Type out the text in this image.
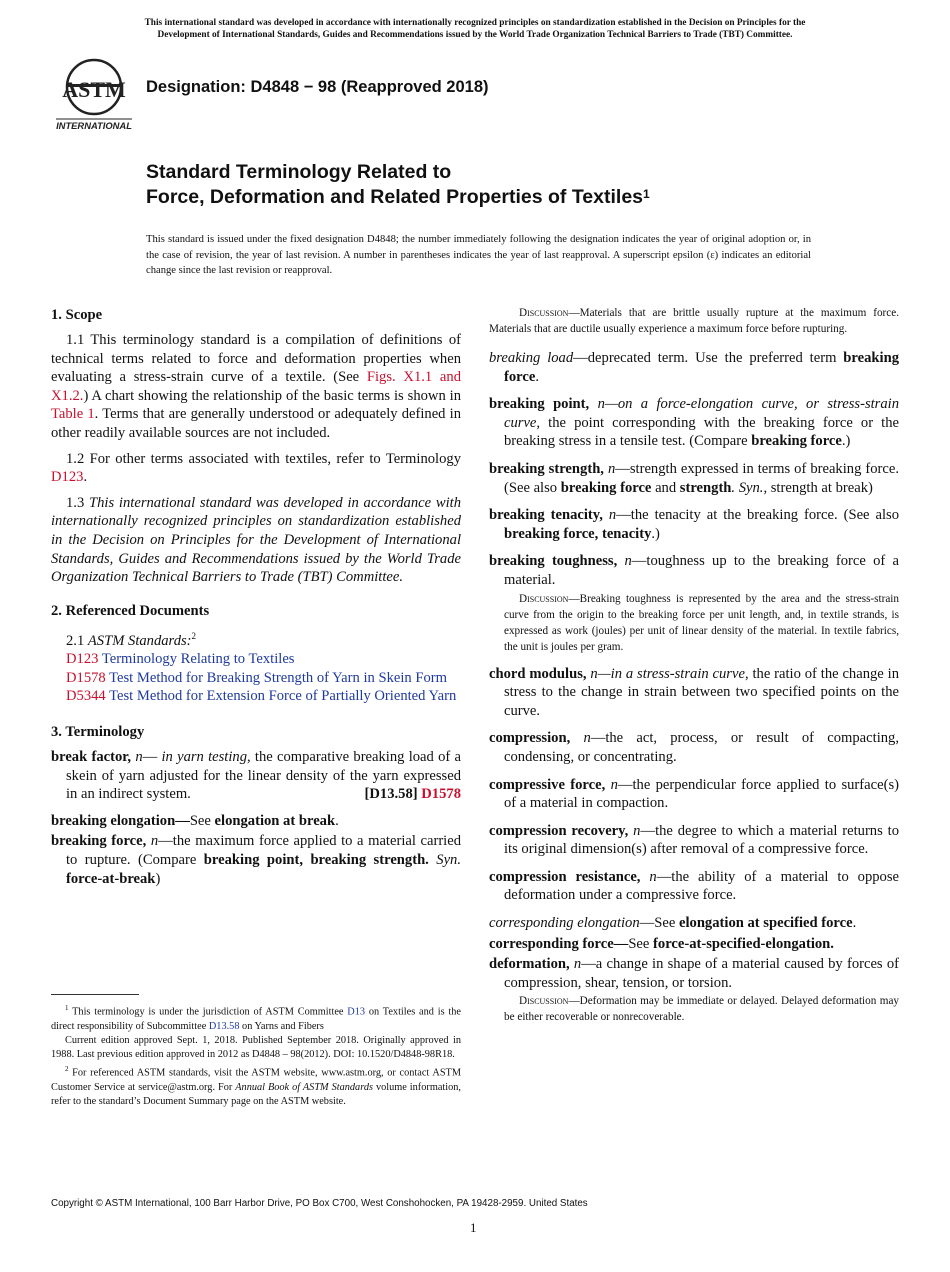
This international standard was developed in accordance with internationally recognized principles on standardization established in the Decision on Principles for the
Development of International Standards, Guides and Recommendations issued by the World Trade Organization Technical Barriers to Trade (TBT) Committee.
ASTM
INTERNATIONAL
Designation: D4848 − 98 (Reapproved 2018)
Standard Terminology Related to
Force, Deformation and Related Properties of Textiles$^1$
This standard is issued under the fixed designation D4848; the number immediately following the designation indicates the year of original adoption or, in the case of revision, the year of last revision. A number in parentheses indicates the year of last reapproval. A superscript epsilon (ε) indicates an editorial change since the last revision or reapproval.
1. Scope

1.1 This terminology standard is a compilation of definitions of technical terms related to force and deformation properties when evaluating a stress-strain curve of a textile. (See Figs. X1.1 and X1.2.) A chart showing the relationship of the basic terms is shown in Table 1. Terms that are generally understood or adequately defined in other readily available sources are not included.

1.2 For other terms associated with textiles, refer to Terminology D123.

1.3 This international standard was developed in accordance with internationally recognized principles on standardization established in the Decision on Principles for the Development of International Standards, Guides and Recommendations issued by the World Trade Organization Technical Barriers to Trade (TBT) Committee.

2. Referenced Documents

2.1 ASTM Standards:$^2$

D123 Terminology Relating to Textiles

D1578 Test Method for Breaking Strength of Yarn in Skein Form

D5344 Test Method for Extension Force of Partially Oriented Yarn

3. Terminology

break factor, n— in yarn testing, the comparative breaking load of a skein of yarn adjusted for the linear density of the yarn expressed in an indirect system.	[D13.58] D1578

breaking elongation—See elongation at break.

breaking force, n—the maximum force applied to a material carried to rupture. (Compare breaking point, breaking strength. Syn. force-at-break)

$^1$ This terminology is under the jurisdiction of ASTM Committee D13 on Textiles and is the direct responsibility of Subcommittee D13.58 on Yarns and Fibers

Current edition approved Sept. 1, 2018. Published September 2018. Originally approved in 1988. Last previous edition approved in 2012 as D4848 – 98(2012). DOI: 10.1520/D4848-98R18.

$^2$ For referenced ASTM standards, visit the ASTM website, www.astm.org, or contact ASTM Customer Service at service@astm.org. For Annual Book of ASTM Standards volume information, refer to the standard’s Document Summary page on the ASTM website.

Discussion—Materials that are brittle usually rupture at the maximum force. Materials that are ductile usually experience a maximum force before rupturing.

breaking load—deprecated term. Use the preferred term breaking force.

breaking point, n—on a force-elongation curve, or stress-strain curve, the point corresponding with the breaking force or the breaking stress in a tensile test. (Compare breaking force.)

breaking strength, n—strength expressed in terms of breaking force. (See also breaking force and strength. Syn., strength at break)

breaking tenacity, n—the tenacity at the breaking force. (See also breaking force, tenacity.)

breaking toughness, n—toughness up to the breaking force of a material.

Discussion—Breaking toughness is represented by the area and the stress-strain curve from the origin to the breaking force per unit length, and, in textile strands, is expressed as work (joules) per unit of linear density of the material. In textile fabrics, the unit is joules per gram.

chord modulus, n—in a stress-strain curve, the ratio of the change in stress to the change in strain between two specified points on the curve.

compression, n—the act, process, or result of compacting, condensing, or concentrating.

compressive force, n—the perpendicular force applied to surface(s) of a material in compaction.

compression recovery, n—the degree to which a material returns to its original dimension(s) after removal of a compressive force.

compression resistance, n—the ability of a material to oppose deformation under a compressive force.

corresponding elongation—See elongation at specified force.

corresponding force—See force-at-specified-elongation.

deformation, n—a change in shape of a material caused by forces of compression, shear, tension, or torsion.

Discussion—Deformation may be immediate or delayed. Delayed deformation may be either recoverable or nonrecoverable.

Copyright © ASTM International, 100 Barr Harbor Drive, PO Box C700, West Conshohocken, PA 19428-2959. United States
1
